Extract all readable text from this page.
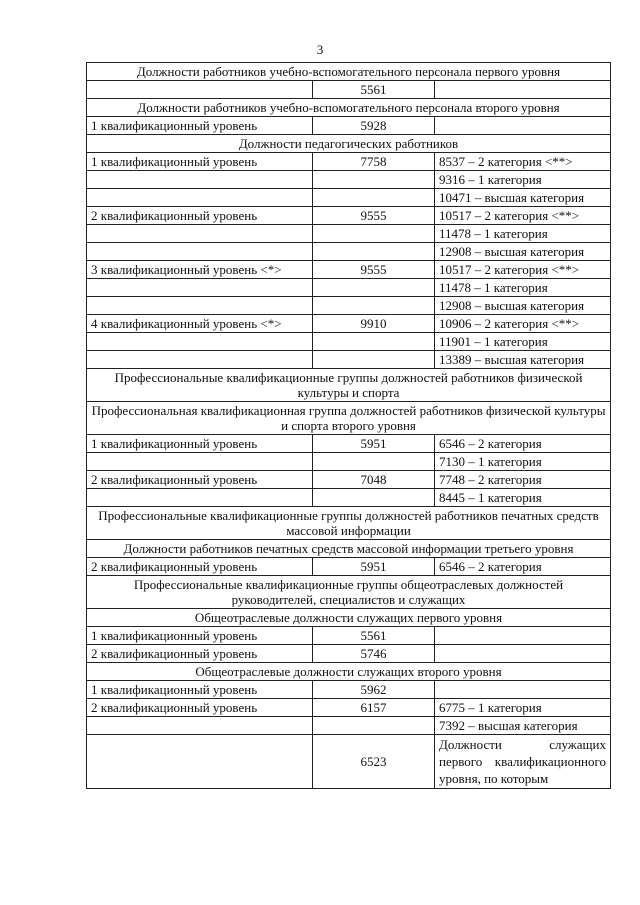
3
Должности работников учебно-вспомогательного персонала первого уровня		
	5561	
Должности работников учебно-вспомогательного персонала второго уровня		
1 квалификационный уровень	5928	
Должности педагогических работников		
1 квалификационный уровень	7758	8537 – 2 категория <**>
		9316 – 1 категория
		10471 – высшая категория
2 квалификационный уровень	9555	10517 – 2 категория <**>
		11478 – 1 категория
		12908 – высшая категория
3 квалификационный уровень <*>	9555	10517 – 2 категория <**>
		11478 – 1 категория
		12908 – высшая категория
4 квалификационный уровень <*>	9910	10906 – 2 категория <**>
		11901 – 1 категория
		13389 – высшая категория
Профессиональные квалификационные группы должностей работников физической культуры и спорта		
Профессиональная квалификационная группа должностей работников физической культуры и спорта второго уровня		
1 квалификационный уровень	5951	6546 – 2 категория
		7130 – 1 категория
2 квалификационный уровень	7048	7748 – 2 категория
		8445 – 1 категория
Профессиональные квалификационные группы должностей работников печатных средств массовой информации		
Должности работников печатных средств массовой информации третьего уровня		
2 квалификационный уровень	5951	6546 – 2 категория
Профессиональные квалификационные группы общеотраслевых должностей руководителей, специалистов и служащих		
Общеотраслевые должности служащих первого уровня		
1 квалификационный уровень	5561	
2 квалификационный уровень	5746	
Общеотраслевые должности служащих второго уровня		
1 квалификационный уровень	5962	
2 квалификационный уровень	6157	6775 – 1 категория
		7392 – высшая категория
	6523	Должности служащих первого квалификационного уровня, по которым
